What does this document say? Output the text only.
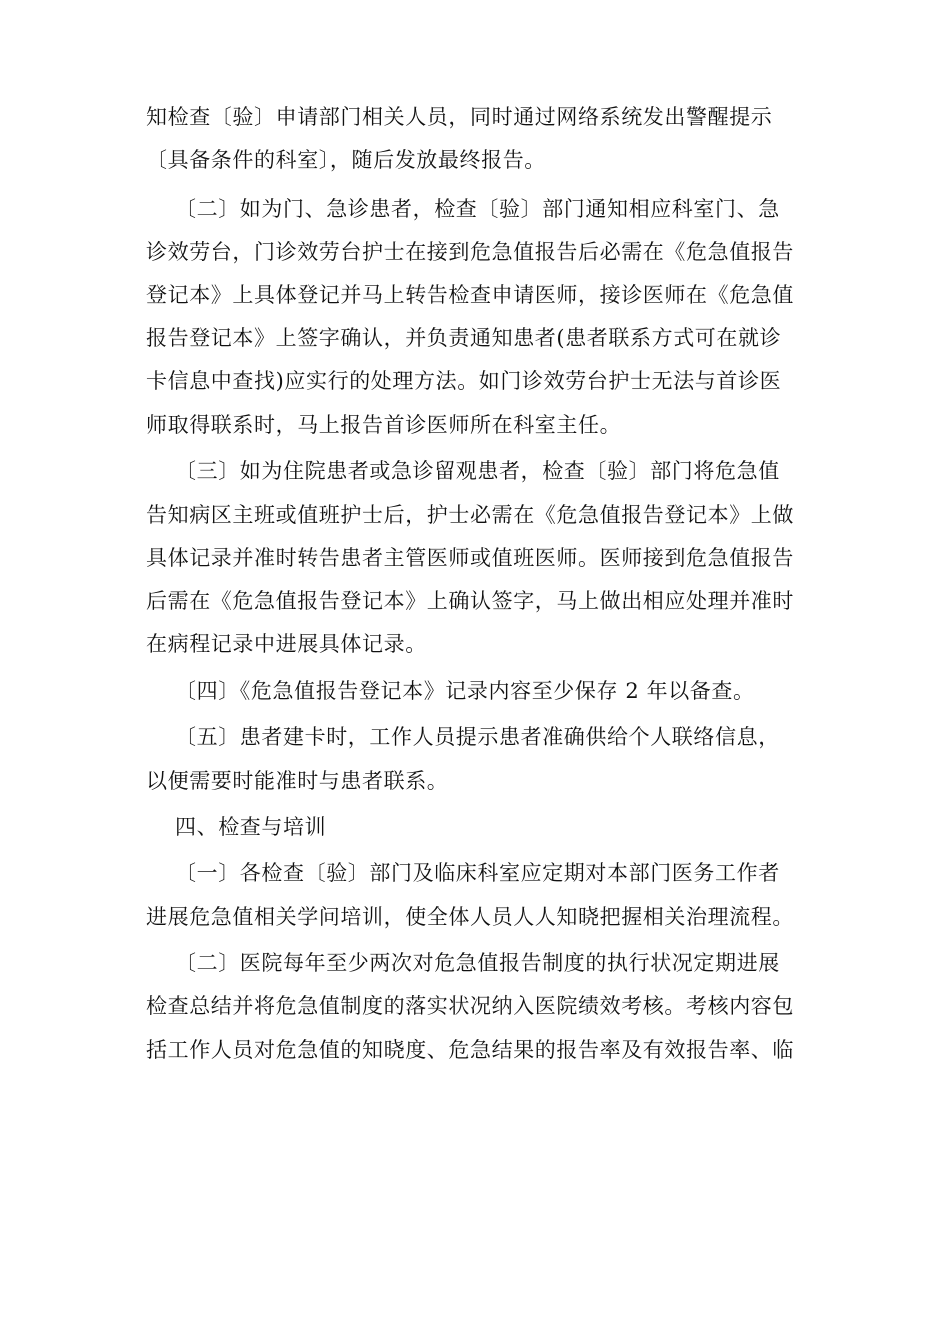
知检查〔验〕申请部门相关人员，同时通过网络系统发出警醒提示
〔具备条件的科室〕，随后发放最终报告。
〔二〕如为门、急诊患者，检查〔验〕部门通知相应科室门、急
诊效劳台，门诊效劳台护士在接到危急值报告后必需在《危急值报告
登记本》上具体登记并马上转告检查申请医师，接诊医师在《危急值
报告登记本》上签字确认，并负责通知患者(患者联系方式可在就诊
卡信息中查找)应实行的处理方法。如门诊效劳台护士无法与首诊医
师取得联系时，马上报告首诊医师所在科室主任。
〔三〕如为住院患者或急诊留观患者，检查〔验〕部门将危急值
告知病区主班或值班护士后，护士必需在《危急值报告登记本》上做
具体记录并准时转告患者主管医师或值班医师。医师接到危急值报告
后需在《危急值报告登记本》上确认签字，马上做出相应处理并准时
在病程记录中进展具体记录。
〔四〕《危急值报告登记本》记录内容至少保存 2 年以备查。
〔五〕患者建卡时，工作人员提示患者准确供给个人联络信息，
以便需要时能准时与患者联系。
四、检查与培训
〔一〕各检查〔验〕部门及临床科室应定期对本部门医务工作者
进展危急值相关学问培训，使全体人员人人知晓把握相关治理流程。
〔二〕医院每年至少两次对危急值报告制度的执行状况定期进展
检查总结并将危急值制度的落实状况纳入医院绩效考核。考核内容包
括工作人员对危急值的知晓度、危急结果的报告率及有效报告率、临
